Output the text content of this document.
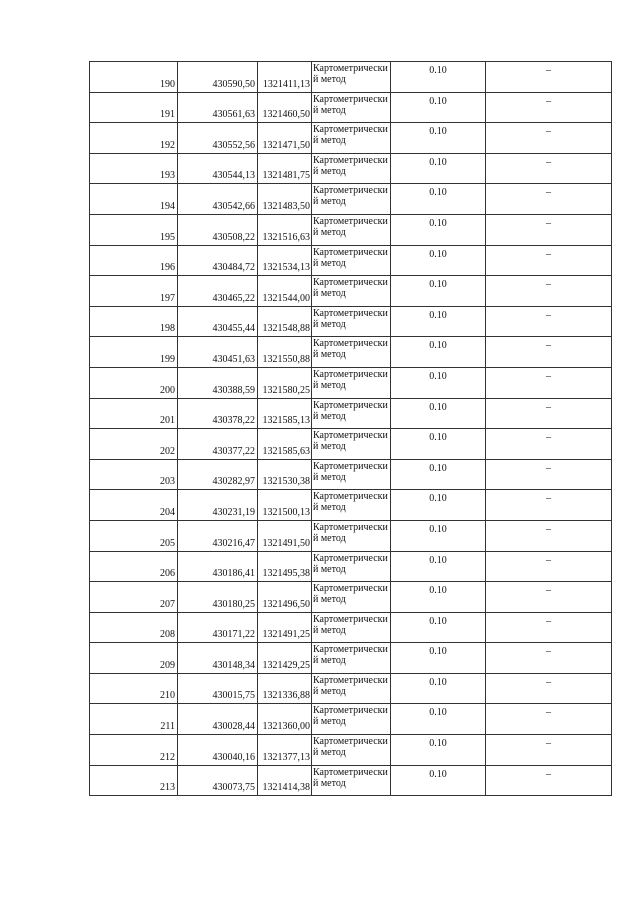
190	430590,50	1321411,13	Картометрический метод	0.10	–
191	430561,63	1321460,50	Картометрический метод	0.10	–
192	430552,56	1321471,50	Картометрический метод	0.10	–
193	430544,13	1321481,75	Картометрический метод	0.10	–
194	430542,66	1321483,50	Картометрический метод	0.10	–
195	430508,22	1321516,63	Картометрический метод	0.10	–
196	430484,72	1321534,13	Картометрический метод	0.10	–
197	430465,22	1321544,00	Картометрический метод	0.10	–
198	430455,44	1321548,88	Картометрический метод	0.10	–
199	430451,63	1321550,88	Картометрический метод	0.10	–
200	430388,59	1321580,25	Картометрический метод	0.10	–
201	430378,22	1321585,13	Картометрический метод	0.10	–
202	430377,22	1321585,63	Картометрический метод	0.10	–
203	430282,97	1321530,38	Картометрический метод	0.10	–
204	430231,19	1321500,13	Картометрический метод	0.10	–
205	430216,47	1321491,50	Картометрический метод	0.10	–
206	430186,41	1321495,38	Картометрический метод	0.10	–
207	430180,25	1321496,50	Картометрический метод	0.10	–
208	430171,22	1321491,25	Картометрический метод	0.10	–
209	430148,34	1321429,25	Картометрический метод	0.10	–
210	430015,75	1321336,88	Картометрический метод	0.10	–
211	430028,44	1321360,00	Картометрический метод	0.10	–
212	430040,16	1321377,13	Картометрический метод	0.10	–
213	430073,75	1321414,38	Картометрический метод	0.10	–
